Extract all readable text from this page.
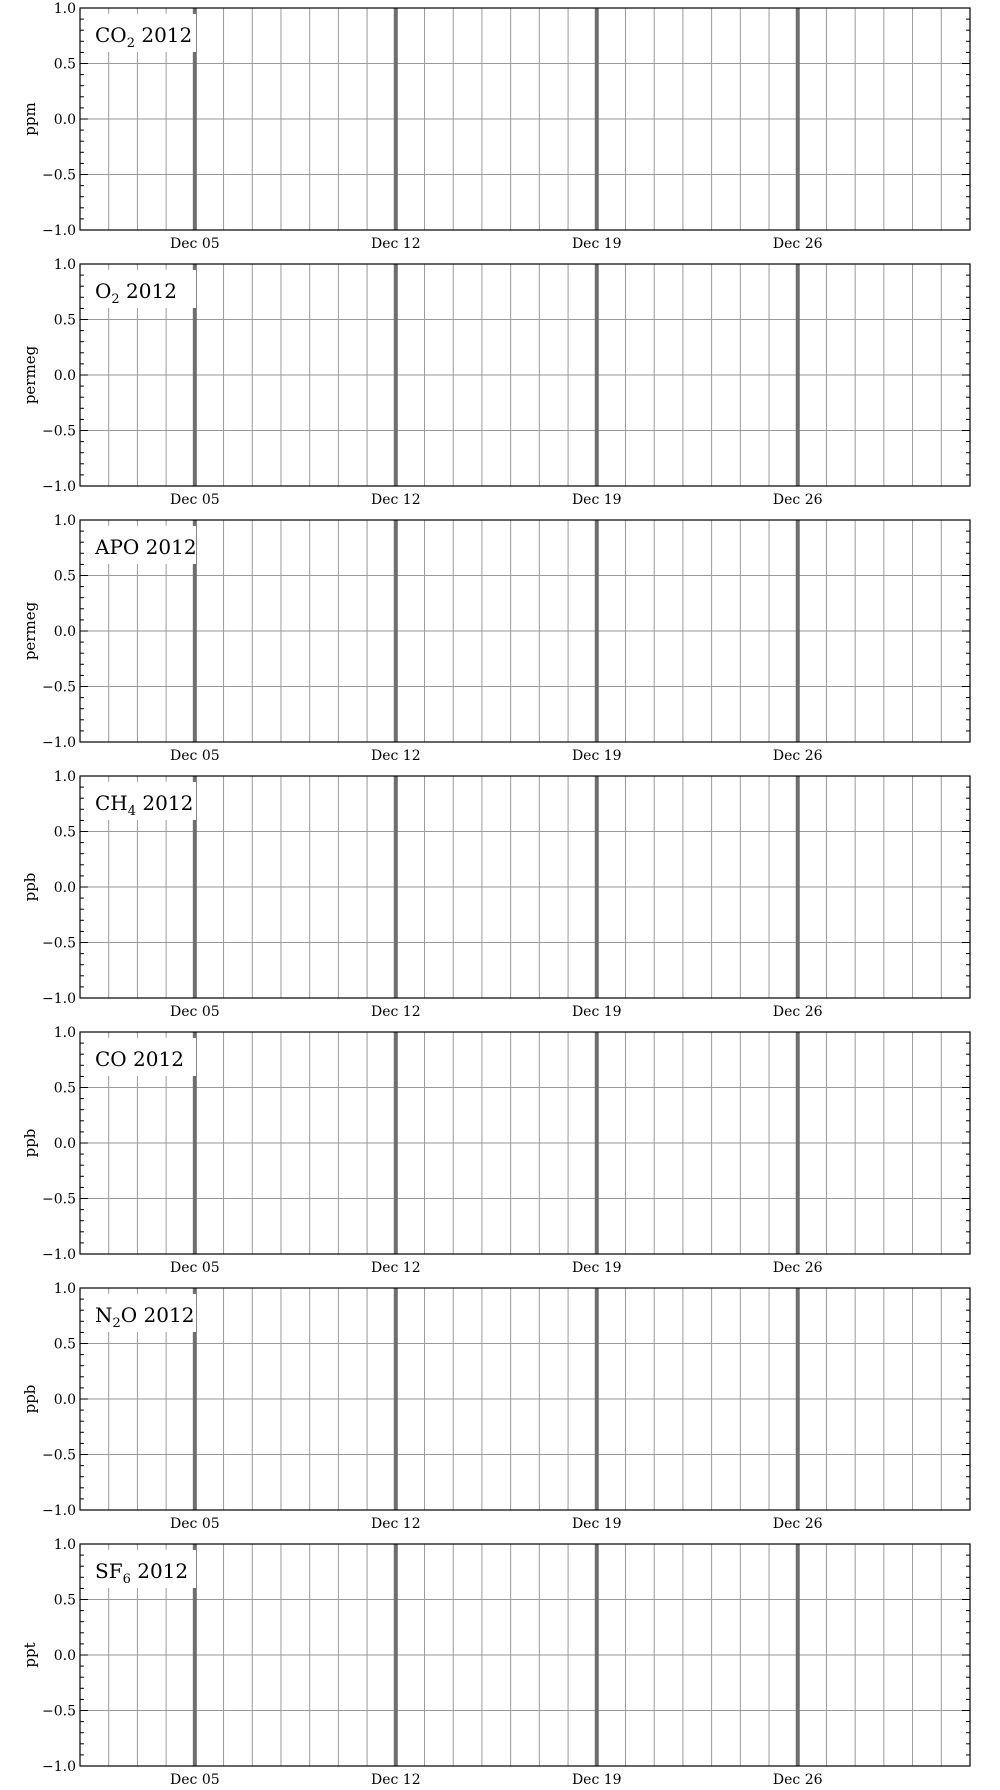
1.0
0.5
0.0
−0.5
−1.0
Dec 05	Dec 12	Dec 19	Dec 26
ppm
$CO_2$ 2012
1.0
0.5
0.0
−0.5
−1.0
Dec 05	Dec 12	Dec 19	Dec 26
permeg
$O_2$ 2012
1.0
0.5
0.0
−0.5
−1.0
Dec 05	Dec 12	Dec 19	Dec 26
permeg
APO 2012
1.0
0.5
0.0
−0.5
−1.0
Dec 05	Dec 12	Dec 19	Dec 26
ppb
$CH_4$ 2012
1.0
0.5
0.0
−0.5
−1.0
Dec 05	Dec 12	Dec 19	Dec 26
ppb
CO 2012
1.0
0.5
0.0
−0.5
−1.0
Dec 05	Dec 12	Dec 19	Dec 26
ppb
$N_2O$ 2012
1.0
0.5
0.0
−0.5
−1.0
Dec 05	Dec 12	Dec 19	Dec 26
ppt
$SF_6$ 2012
